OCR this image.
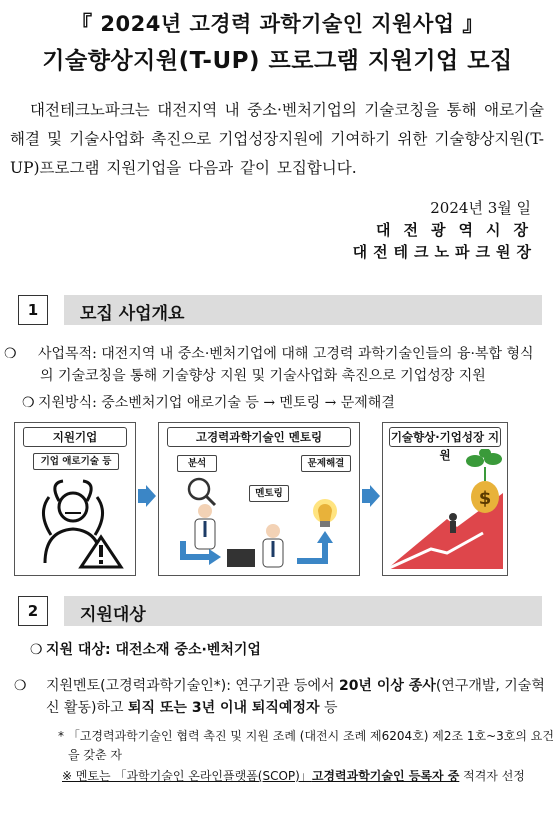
『 2024년 고경력 과학기술인 지원사업 』
기술향상지원(T-UP) 프로그램 지원기업 모집
대전테크노파크는 대전지역 내 중소·벤처기업의 기술코칭을 통해 애로기술 해결 및 기술사업화 촉진으로 기업성장지원에 기여하기 위한 기술향상지원(T-UP)프로그램 지원기업을 다음과 같이 모집합니다.
2024년 3월 일
대전광역시장
대전테크노파크원장
1	모집 사업개요
❍ 사업목적: 대전지역 내 중소·벤처기업에 대해 고경력 과학기술인들의 융·복합 형식의 기술코칭을 통해 기술향상 지원 및 기술사업화 촉진으로 기업성장 지원
❍ 지원방식: 중소벤처기업 애로기술 등 → 멘토링 → 문제해결
지원기업
기업 애로기술 등
고경력과학기술인 멘토링
분석	문제해결
멘토링
기술향상·기업성장 지원
$
2	지원대상
❍ 지원 대상: 대전소재 중소·벤처기업
❍ 지원멘토(고경력과학기술인*): 연구기관 등에서 20년 이상 종사(연구개발, 기술혁신 활동)하고 퇴직 또는 3년 이내 퇴직예정자 등
* 「고경력과학기술인 협력 촉진 및 지원 조례 (대전시 조례 제6204호) 제2조 1호~3호의 요건을 갖춘 자
※ 멘토는 「과학기술인 온라인플랫폼(SCOP)」고경력과학기술인 등록자 중 적격자 선정
